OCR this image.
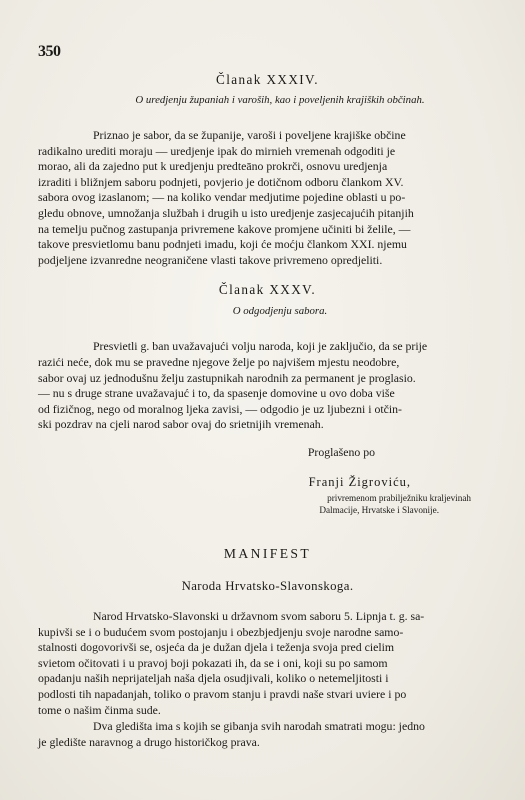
350
Članak XXXIV.
O uredjenju županiah i varoših, kao i poveljenih krajiških občinah.
Priznao je sabor, da se županije, varoši i poveljene krajiške občine
radikalno urediti moraju — uredjenje ipak do mirnieh vremenah odgoditi je
morao, ali da zajedno put k uredjenju predteāno prokrči, osnovu uredjenja
izraditi i bližnjem saboru podnjeti, povjerio je dotičnom odboru člankom XV.
sabora ovog izaslanom; — na koliko vendar medjutime pojedine oblasti u po-
gledu obnove, umnožanja službah i drugih u isto uredjenje zasjecajućih pitanjih
na temelju pučnog zastupanja privremene kakove promjene učiniti bi želile, —
takove presvietlomu banu podnjeti imadu, koji će moćju člankom XXI. njemu
podjeljene izvanredne neograničene vlasti takove privremeno opredjeliti.
Članak XXXV.
O odgodjenju sabora.
Presvietli g. ban uvažavajući volju naroda, koji je zaključio, da se prije
razići neće, dok mu se pravedne njegove želje po najvišem mjestu neodobre,
sabor ovaj uz jednodušnu želju zastupnikah narodnih za permanent je proglasio.
— nu s druge strane uvažavajuć i to, da spasenje domovine u ovo doba više
od fizičnog, nego od moralnog ljeka zavisi, — odgodio je uz ljubezni i otčin-
ski pozdrav na cjeli narod sabor ovaj do srietnijih vremenah.
Proglašeno po
Franji Žigroviću,
privremenom prabilježniku kraljevinah
Dalmacije, Hrvatske i Slavonije.
MANIFEST
Naroda Hrvatsko-Slavonskoga.
Narod Hrvatsko-Slavonski u državnom svom saboru 5. Lipnja t. g. sa-
kupivši se i o budućem svom postojanju i obezbjedjenju svoje narodne samo-
stalnosti dogovorivši se, osjeća da je dužan djela i teženja svoja pred cielim
svietom očitovati i u pravoj boji pokazati ih, da se i oni, koji su po samom
opadanju naših neprijateljah naša djela osudjivali, koliko o netemeljitosti i
podlosti tih napadanjah, toliko o pravom stanju i pravdi naše stvari uviere i po
tome o našim činma sude.
Dva gledišta ima s kojih se gibanja svih narodah smatrati mogu: jedno
je gledište naravnog a drugo historičkog prava.
